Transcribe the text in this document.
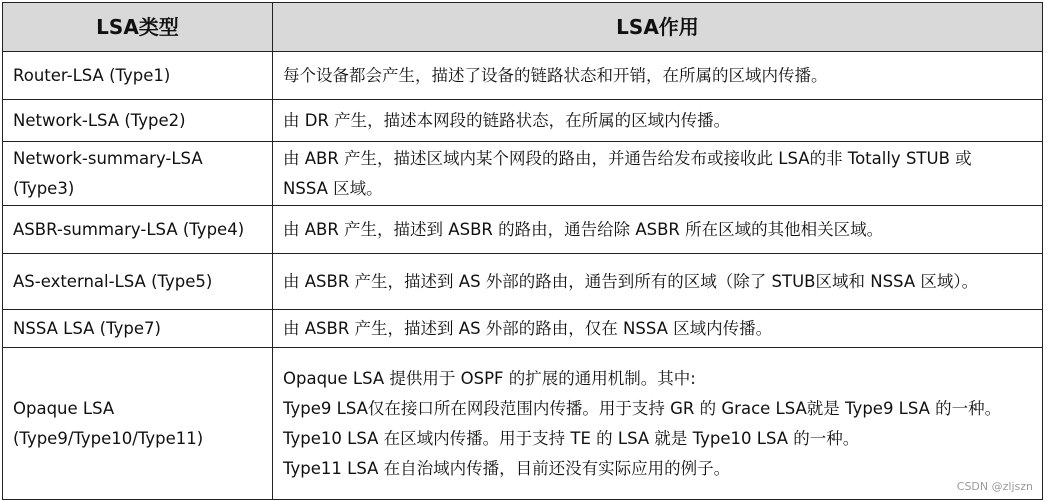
LSA类型	LSA作用
Router-LSA (Type1)	每个设备都会产生，描述了设备的链路状态和开销，在所属的区域内传播。

Network-LSA (Type2)	由 DR 产生，描述本网段的链路状态，在所属的区域内传播。

Network-summary-LSA
(Type3)	由 ABR 产生，描述区域内某个网段的路由，并通告给发布或接收此 LSA的非 Totally STUB 或
NSSA 区域。

ASBR-summary-LSA (Type4)	由 ABR 产生，描述到 ASBR 的路由，通告给除 ASBR 所在区域的其他相关区域。

AS-external-LSA (Type5)	由 ASBR 产生，描述到 AS 外部的路由，通告到所有的区域（除了 STUB区域和 NSSA 区域）。

NSSA LSA (Type7)	由 ASBR 产生，描述到 AS 外部的路由，仅在 NSSA 区域内传播。

Opaque LSA
(Type9/Type10/Type11)	Opaque LSA 提供用于 OSPF 的扩展的通用机制。其中:
Type9 LSA仅在接口所在网段范围内传播。用于支持 GR 的 Grace LSA就是 Type9 LSA 的一种。
Type10 LSA 在区域内传播。用于支持 TE 的 LSA 就是 Type10 LSA 的一种。
Type11 LSA 在自治域内传播，目前还没有实际应用的例子。
CSDN @zljszn
